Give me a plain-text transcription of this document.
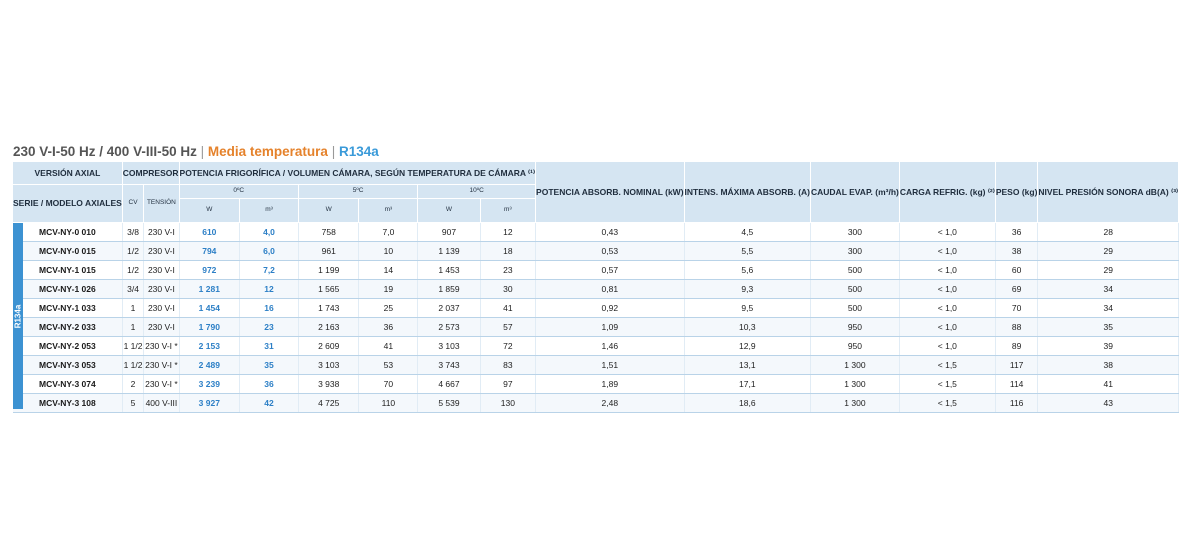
230 V-I-50 Hz / 400 V-III-50 Hz | Media temperatura | R134a
	VERSIÓN AXIAL	COMPRESOR		POTENCIA FRIGORÍFICA / VOLUMEN CÁMARA, SEGÚN TEMPERATURA DE CÁMARA ⁽¹⁾						POTENCIA ABSORB. NOMINAL (kW)	INTENS. MÁXIMA ABSORB. (A)	CAUDAL EVAP. (m³/h)	CARGA REFRIG. (kg) ⁽²⁾	PESO (kg)	NIVEL PRESIÓN SONORA dB(A) ⁽³⁾
SERIE / MODELO AXIALES	CV	TENSIÓN	0ºC		5ºC		10ºC							
			W	m³	W	m³	W	m³						
	MCV-NY-0 010	3/8	230 V-I	610	4,0	758	7,0	907	12	0,43	4,5	300	< 1,0	36	28
	MCV-NY-0 015	1/2	230 V-I	794	6,0	961	10	1 139	18	0,53	5,5	300	< 1,0	38	29
	MCV-NY-1 015	1/2	230 V-I	972	7,2	1 199	14	1 453	23	0,57	5,6	500	< 1,0	60	29
	MCV-NY-1 026	3/4	230 V-I	1 281	12	1 565	19	1 859	30	0,81	9,3	500	< 1,0	69	34
	MCV-NY-1 033	1	230 V-I	1 454	16	1 743	25	2 037	41	0,92	9,5	500	< 1,0	70	34
	MCV-NY-2 033	1	230 V-I	1 790	23	2 163	36	2 573	57	1,09	10,3	950	< 1,0	88	35
	MCV-NY-2 053	1 1/2	230 V-I *	2 153	31	2 609	41	3 103	72	1,46	12,9	950	< 1,0	89	39
	MCV-NY-3 053	1 1/2	230 V-I *	2 489	35	3 103	53	3 743	83	1,51	13,1	1 300	< 1,5	117	38
	MCV-NY-3 074	2	230 V-I *	3 239	36	3 938	70	4 667	97	1,89	17,1	1 300	< 1,5	114	41
	MCV-NY-3 108	5	400 V-III	3 927	42	4 725	110	5 539	130	2,48	18,6	1 300	< 1,5	116	43
R134a
